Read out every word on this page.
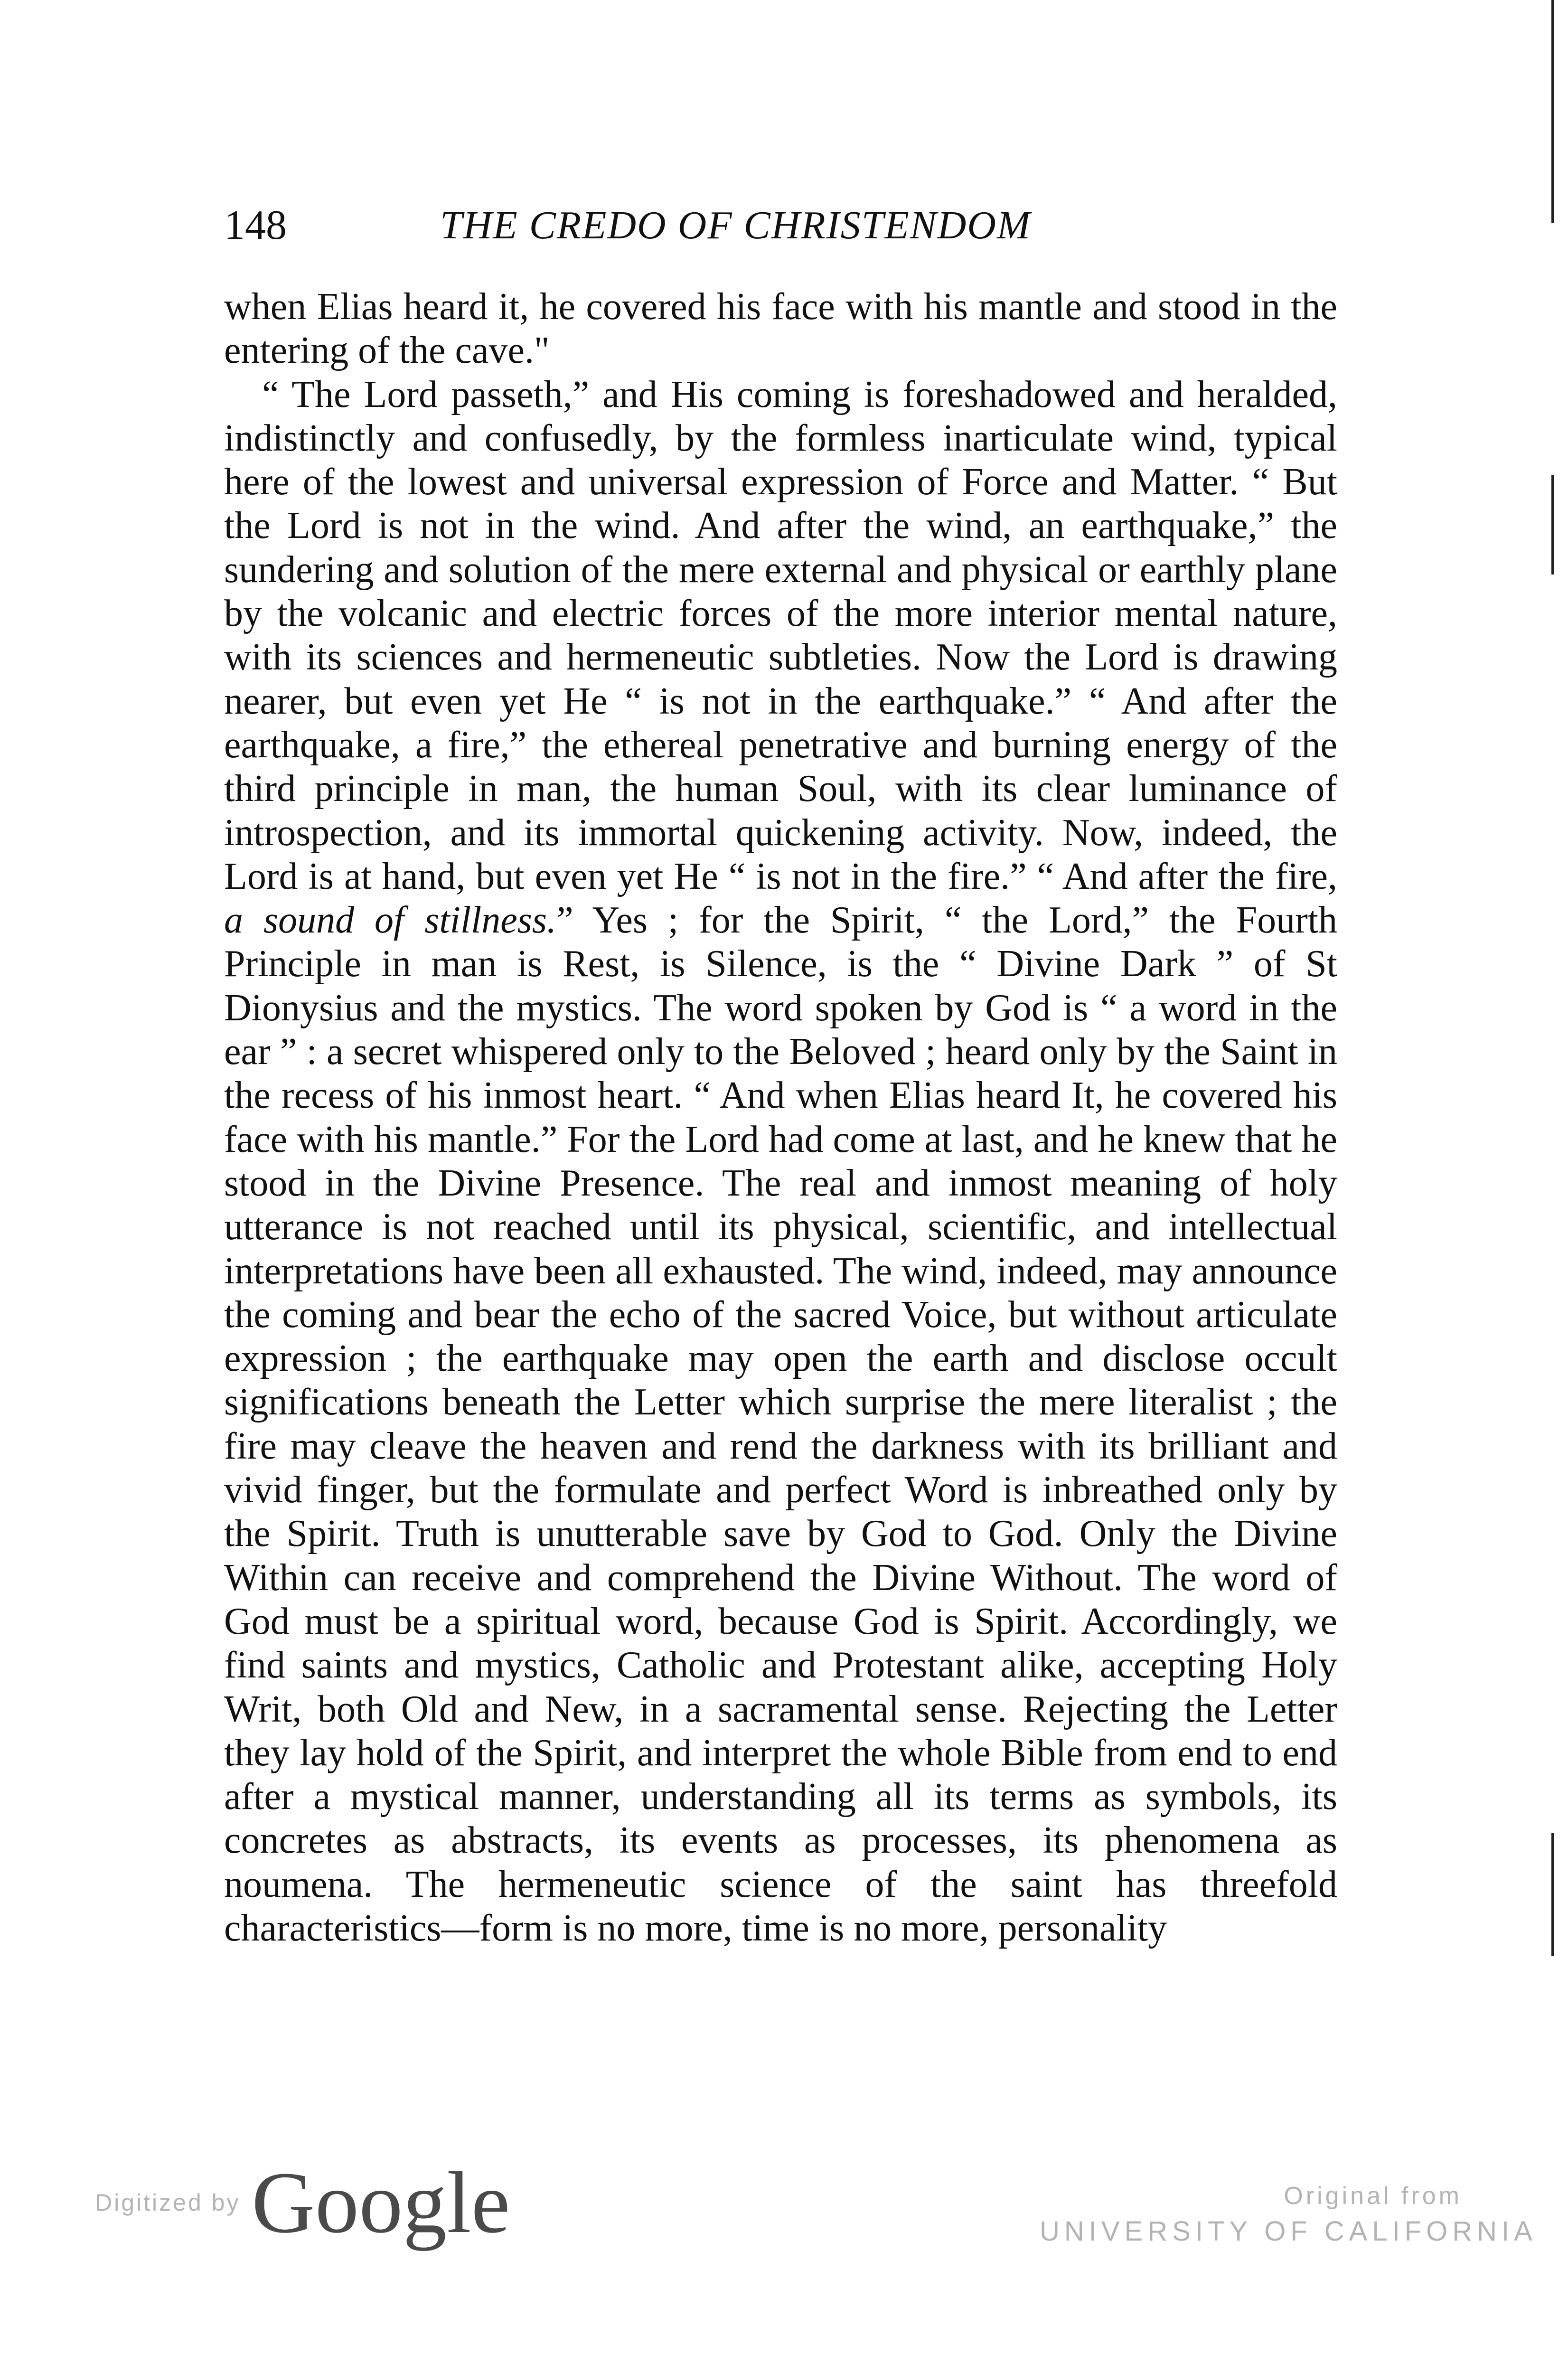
148	THE CREDO OF CHRISTENDOM

when Elias heard it, he covered his face with his mantle and stood in the entering of the cave."

“ The Lord passeth,” and His coming is foreshadowed and heralded, indistinctly and confusedly, by the formless inarticulate wind, typical here of the lowest and universal expression of Force and Matter. “ But the Lord is not in the wind. And after the wind, an earthquake,” the sundering and solution of the mere external and physical or earthly plane by the volcanic and electric forces of the more interior mental nature, with its sciences and hermeneutic subtleties. Now the Lord is drawing nearer, but even yet He “ is not in the earthquake.” “ And after the earthquake, a fire,” the ethereal penetrative and burning energy of the third principle in man, the human Soul, with its clear luminance of introspection, and its immortal quickening activity. Now, indeed, the Lord is at hand, but even yet He “ is not in the fire.” “ And after the fire, a sound of stillness.” Yes ; for the Spirit, “ the Lord,” the Fourth Principle in man is Rest, is Silence, is the “ Divine Dark ” of St Dionysius and the mystics. The word spoken by God is “ a word in the ear ” : a secret whispered only to the Beloved ; heard only by the Saint in the recess of his inmost heart. “ And when Elias heard It, he covered his face with his mantle.” For the Lord had come at last, and he knew that he stood in the Divine Presence. The real and inmost meaning of holy utterance is not reached until its physical, scientific, and intellectual interpretations have been all exhausted. The wind, indeed, may announce the coming and bear the echo of the sacred Voice, but without articulate expression ; the earthquake may open the earth and disclose occult significations beneath the Letter which surprise the mere literalist ; the fire may cleave the heaven and rend the darkness with its brilliant and vivid finger, but the formulate and perfect Word is inbreathed only by the Spirit. Truth is unutterable save by God to God. Only the Divine Within can receive and comprehend the Divine Without. The word of God must be a spiritual word, because God is Spirit. Accordingly, we find saints and mystics, Catholic and Protestant alike, accepting Holy Writ, both Old and New, in a sacramental sense. Rejecting the Letter they lay hold of the Spirit, and interpret the whole Bible from end to end after a mystical manner, understanding all its terms as symbols, its concretes as abstracts, its events as processes, its phenomena as noumena. The hermeneutic science of the saint has threefold characteristics—form is no more, time is no more, personality

Digitized by Google	Original from
UNIVERSITY OF CALIFORNIA
